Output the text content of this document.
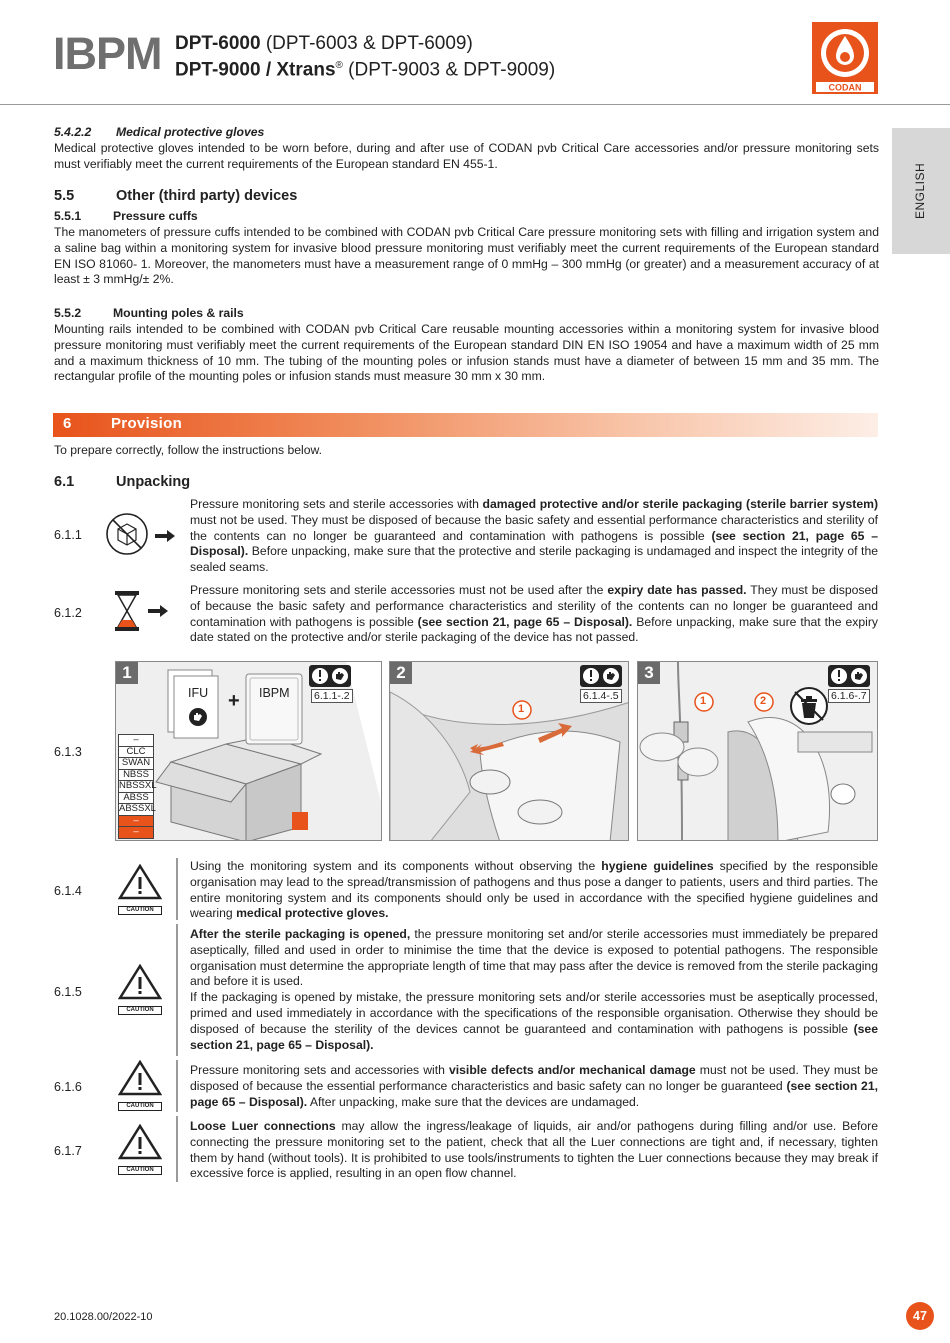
IBPM DPT-6000 (DPT-6003 & DPT-6009)
DPT-9000 / Xtrans® (DPT-9003 & DPT-9009)
CODAN
ENGLISH
5.4.2.2 Medical protective gloves
Medical protective gloves intended to be worn before, during and after use of CODAN pvb Critical Care accessories and/or pressure monitoring sets must verifiably meet the current requirements of the European standard EN 455-1.
5.5	Other (third party) devices
5.5.1	Pressure cuffs
The manometers of pressure cuffs intended to be combined with CODAN pvb Critical Care pressure monitoring sets with filling and irrigation system and a saline bag within a monitoring system for invasive blood pressure monitoring must verifiably meet the current requirements of the European standard EN ISO 81060- 1. Moreover, the manometers must have a measurement range of 0 mmHg – 300 mmHg (or greater) and a measurement accuracy of at least ± 3 mmHg/± 2%.
5.5.2	Mounting poles & rails
Mounting rails intended to be combined with CODAN pvb Critical Care reusable mounting accessories within a monitoring system for invasive blood pressure monitoring must verifiably meet the current requirements of the European standard DIN EN ISO 19054 and have a maximum width of 25 mm and a maximum thickness of 10 mm. The tubing of the mounting poles or infusion stands must have a diameter of between 15 mm and 35 mm. The rectangular profile of the mounting poles or infusion stands must measure 30 mm x 30 mm.
6	Provision
To prepare correctly, follow the instructions below.
6.1	Unpacking
6.1.1
Pressure monitoring sets and sterile accessories with damaged protective and/or sterile packaging (sterile barrier system) must not be used. They must be disposed of because the basic safety and essential performance characteristics and sterility of the contents can no longer be guaranteed and contamination with pathogens is possible (see section 21, page 65 – Disposal). Before unpacking, make sure that the protective and sterile packaging is undamaged and inspect the integrity of the sealed seams.
6.1.2
Pressure monitoring sets and sterile accessories must not be used after the expiry date has passed. They must be disposed of because the basic safety and performance characteristics and sterility of the contents can no longer be guaranteed and contamination with pathogens is possible (see section 21, page 65 – Disposal). Before unpacking, make sure that the expiry date stated on the protective and/or sterile packaging of the device has not passed.
6.1.3
1
IFU	IBPM
+	6.1.1-.2
–
CLC
SWAN
NBSS
NBSSXL
ABSS
ABSSXL
–
–
2
1
6.1.4-.5
3
1	2	6.1.6-.7
6.1.4
CAUTION
Using the monitoring system and its components without observing the hygiene guidelines specified by the responsible organisation may lead to the spread/transmission of pathogens and thus pose a danger to patients, users and third parties. The entire monitoring system and its components should only be used in accordance with the specified hygiene guidelines and wearing medical protective gloves.
6.1.5
CAUTION
After the sterile packaging is opened, the pressure monitoring set and/or sterile accessories must immediately be prepared aseptically, filled and used in order to minimise the time that the device is exposed to potential pathogens. The responsible organisation must determine the appropriate length of time that may pass after the device is removed from the sterile packaging and before it is used.
If the packaging is opened by mistake, the pressure monitoring sets and/or sterile accessories must be aseptically processed, primed and used immediately in accordance with the specifications of the responsible organisation. Otherwise they should be disposed of because the sterility of the devices cannot be guaranteed and contamination with pathogens is possible (see section 21, page 65 – Disposal).
6.1.6
CAUTION
Pressure monitoring sets and accessories with visible defects and/or mechanical damage must not be used. They must be disposed of because the essential performance characteristics and basic safety can no longer be guaranteed (see section 21, page 65 – Disposal). After unpacking, make sure that the devices are undamaged.
6.1.7
CAUTION
Loose Luer connections may allow the ingress/leakage of liquids, air and/or pathogens during filling and/or use. Before connecting the pressure monitoring set to the patient, check that all the Luer connections are tight and, if necessary, tighten them by hand (without tools). It is prohibited to use tools/instruments to tighten the Luer connections because they may break if excessive force is applied, resulting in an open flow channel.
20.1028.00/2022-10	47
